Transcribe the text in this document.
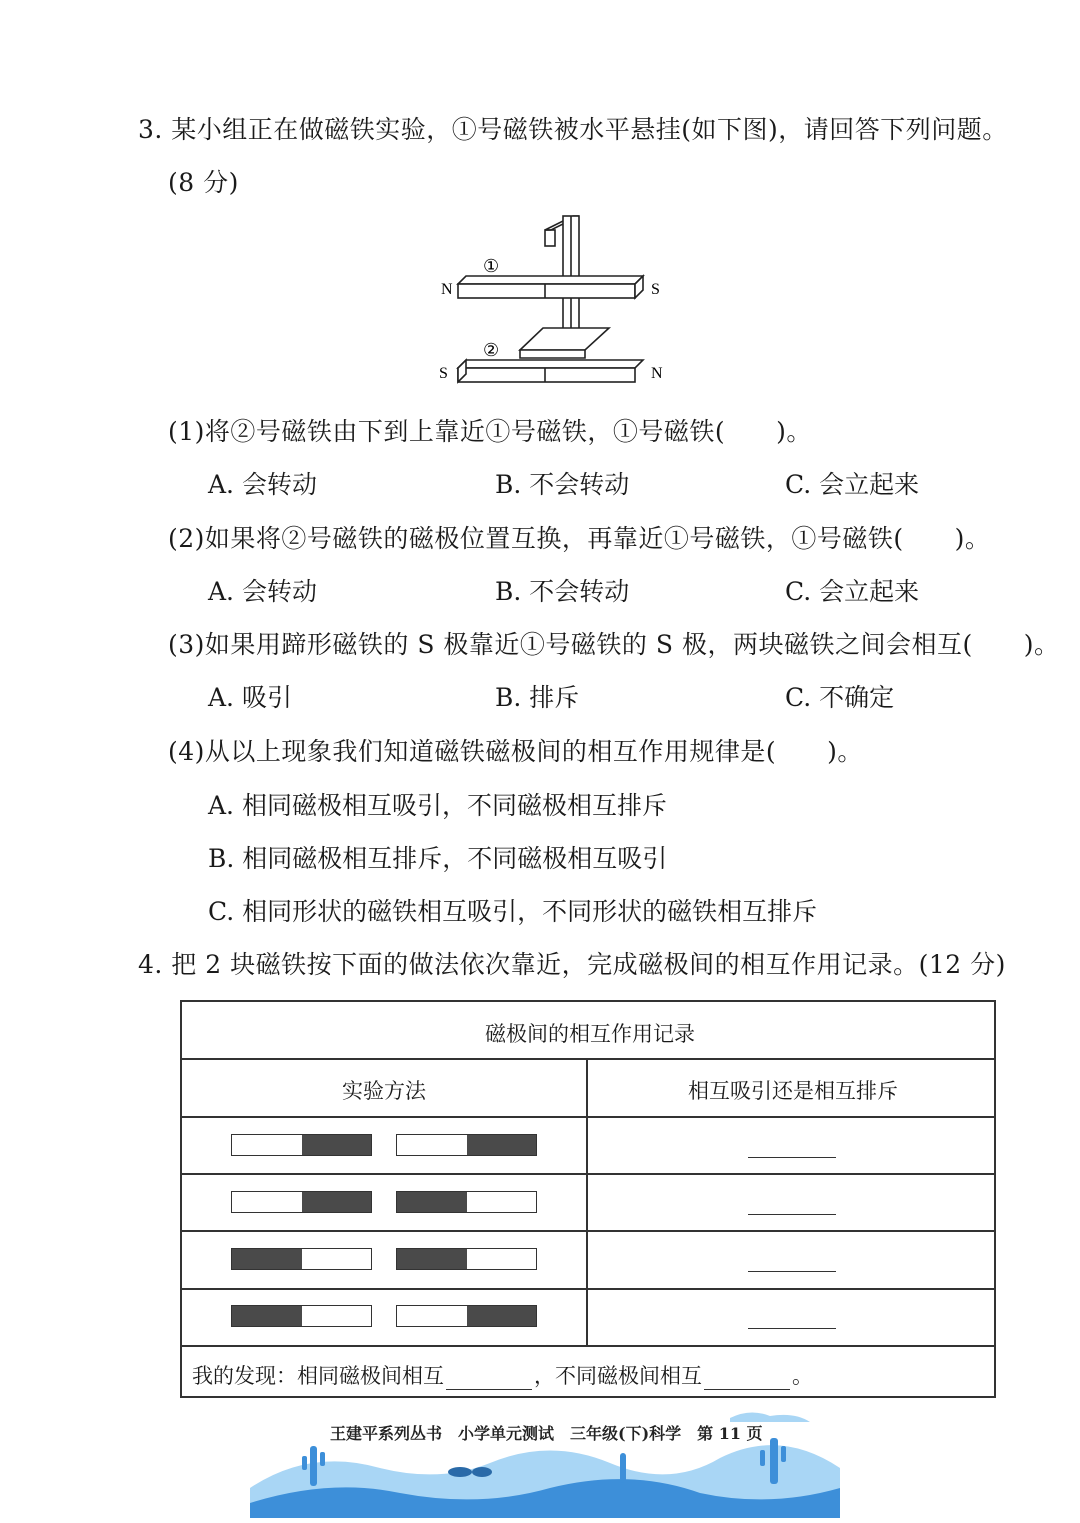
3. 某小组正在做磁铁实验，①号磁铁被水平悬挂(如下图)，请回答下列问题。
(8 分)
N	S
S	N
①
②
(1)将②号磁铁由下到上靠近①号磁铁，①号磁铁(　　)。
A. 会转动	B. 不会转动	C. 会立起来
(2)如果将②号磁铁的磁极位置互换，再靠近①号磁铁，①号磁铁(　　)。
A. 会转动	B. 不会转动	C. 会立起来
(3)如果用蹄形磁铁的 S 极靠近①号磁铁的 S 极，两块磁铁之间会相互(　　)。
A. 吸引	B. 排斥	C. 不确定
(4)从以上现象我们知道磁铁磁极间的相互作用规律是(　　)。
A. 相同磁极相互吸引，不同磁极相互排斥
B. 相同磁极相互排斥，不同磁极相互吸引
C. 相同形状的磁铁相互吸引，不同形状的磁铁相互排斥
4. 把 2 块磁铁按下面的做法依次靠近，完成磁极间的相互作用记录。(12 分)
磁极间的相互作用记录
实验方法	相互吸引还是相互排斥
我的发现：相同磁极间相互	，不同磁极间相互	。
王建平系列丛书　小学单元测试　三年级(下)科学　第 11 页
